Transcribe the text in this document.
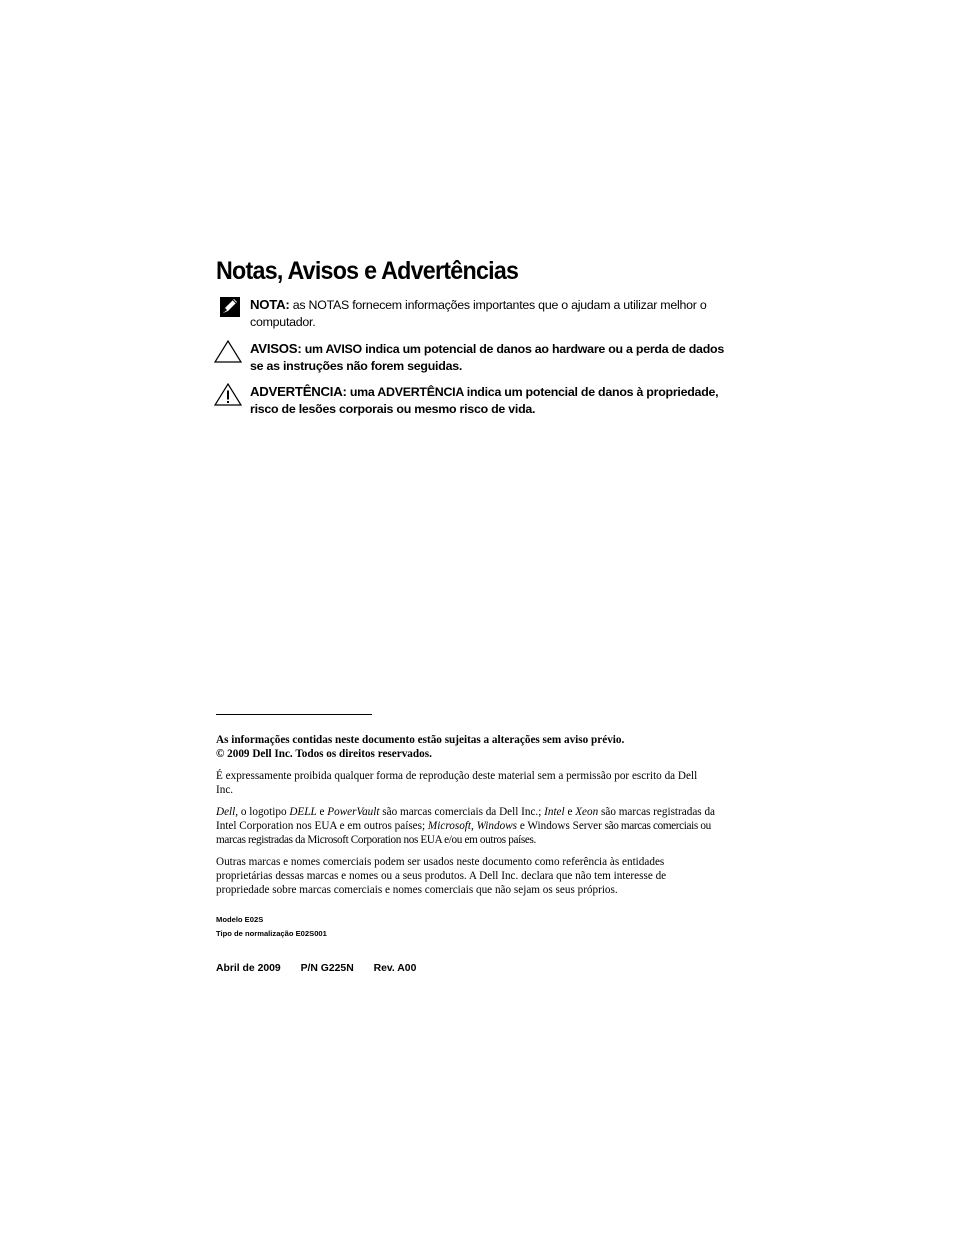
Notas, Avisos e Advertências
NOTA: as NOTAS fornecem informações importantes que o ajudam a utilizar melhor o computador.
AVISOS: um AVISO indica um potencial de danos ao hardware ou a perda de dados se as instruções não forem seguidas.
ADVERTÊNCIA: uma ADVERTÊNCIA indica um potencial de danos à propriedade, risco de lesões corporais ou mesmo risco de vida.

As informações contidas neste documento estão sujeitas a alterações sem aviso prévio.

© 2009 Dell Inc. Todos os direitos reservados.

É expressamente proibida qualquer forma de reprodução deste material sem a permissão por escrito da Dell Inc.

Dell, o logotipo DELL e PowerVault são marcas comerciais da Dell Inc.; Intel e Xeon são marcas registradas da Intel Corporation nos EUA e em outros países; Microsoft, Windows e Windows Server são marcas comerciais ou marcas registradas da Microsoft Corporation nos EUA e/ou em outros países.

Outras marcas e nomes comerciais podem ser usados neste documento como referência às entidades proprietárias dessas marcas e nomes ou a seus produtos. A Dell Inc. declara que não tem interesse de propriedade sobre marcas comerciais e nomes comerciais que não sejam os seus próprios.

Modelo E02S
Tipo de normalização E02S001
Abril de 2009 P/N G225N Rev. A00
